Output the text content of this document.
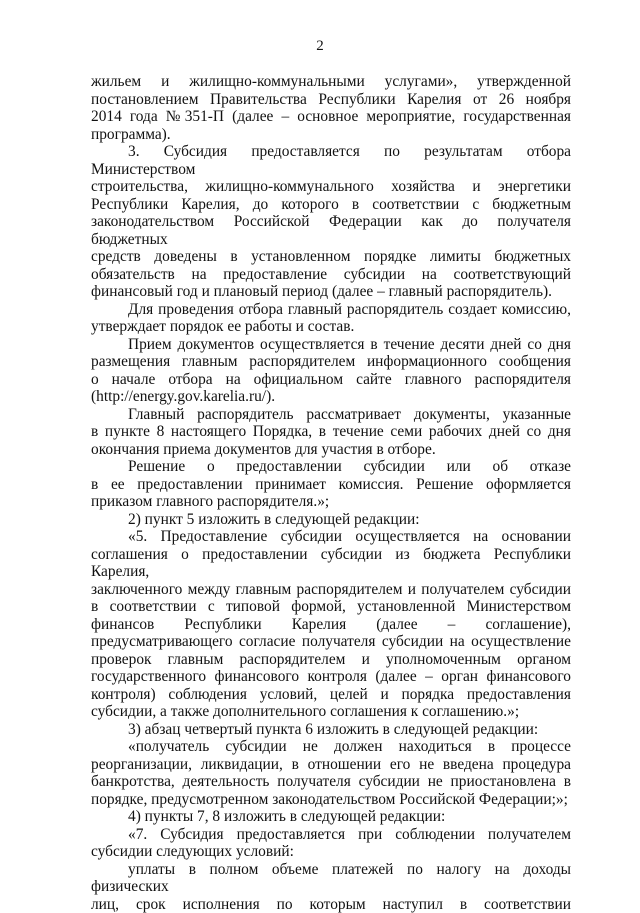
2
жильем и жилищно-коммунальными услугами», утвержденной
постановлением Правительства Республики Карелия от 26 ноября
2014 года №351-П (далее – основное мероприятие, государственная
программа).
3. Субсидия предоставляется по результатам отбора Министерством
строительства, жилищно-коммунального хозяйства и энергетики
Республики Карелия, до которого в соответствии с бюджетным
законодательством Российской Федерации как до получателя бюджетных
средств доведены в установленном порядке лимиты бюджетных
обязательств на предоставление субсидии на соответствующий
финансовый год и плановый период (далее – главный распорядитель).
Для проведения отбора главный распорядитель создает комиссию,
утверждает порядок ее работы и состав.
Прием документов осуществляется в течение десяти дней со дня
размещения главным распорядителем информационного сообщения
о начале отбора на официальном сайте главного распорядителя
(http://energy.gov.karelia.ru/).
Главный распорядитель рассматривает документы, указанные
в пункте 8 настоящего Порядка, в течение семи рабочих дней со дня
окончания приема документов для участия в отборе.
Решение о предоставлении субсидии или об отказе
в ее предоставлении принимает комиссия. Решение оформляется
приказом главного распорядителя.»;
2) пункт 5 изложить в следующей редакции:
«5. Предоставление субсидии осуществляется на основании
соглашения о предоставлении субсидии из бюджета Республики Карелия,
заключенного между главным распорядителем и получателем субсидии
в соответствии с типовой формой, установленной Министерством
финансов Республики Карелия (далее – соглашение),
предусматривающего согласие получателя субсидии на осуществление
проверок главным распорядителем и уполномоченным органом
государственного финансового контроля (далее – орган финансового
контроля) соблюдения условий, целей и порядка предоставления
субсидии, а также дополнительного соглашения к соглашению.»;
3) абзац четвертый пункта 6 изложить в следующей редакции:
«получатель субсидии не должен находиться в процессе
реорганизации, ликвидации, в отношении его не введена процедура
банкротства, деятельность получателя субсидии не приостановлена в
порядке, предусмотренном законодательством Российской Федерации;»;
4) пункты 7, 8 изложить в следующей редакции:
«7. Субсидия предоставляется при соблюдении получателем
субсидии следующих условий:
уплаты в полном объеме платежей по налогу на доходы физических
лиц, срок исполнения по которым наступил в соответствии
